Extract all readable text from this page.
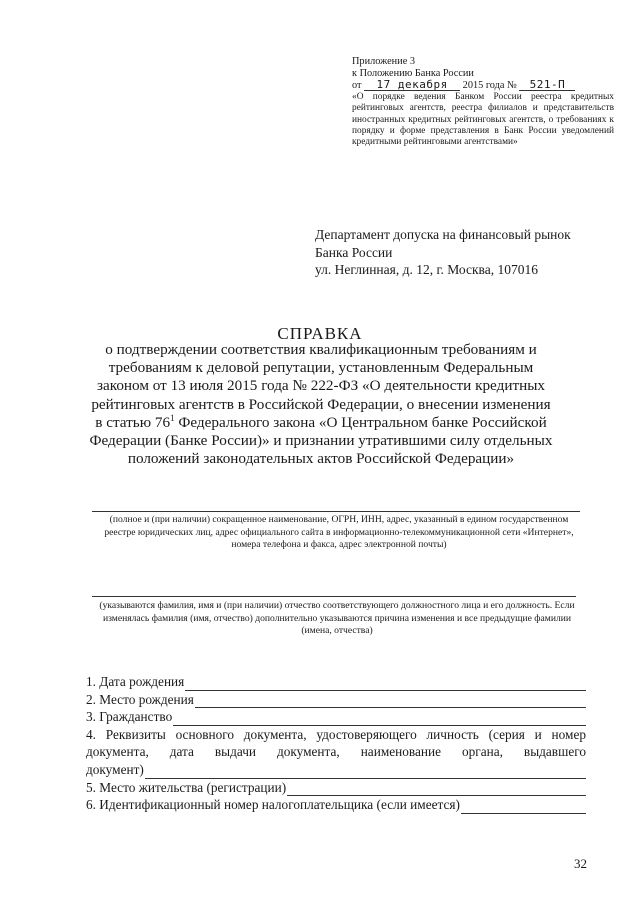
Приложение 3
к Положению Банка России
от 17 декабря 2015 года № 521-П
«О порядке ведения Банком России реестра кредитных рейтинговых агентств, реестра филиалов и представительств иностранных кредитных рейтинговых агентств, о требованиях к порядку и форме представления в Банк России уведомлений кредитными рейтинговыми агентствами»
Департамент допуска на финансовый рынок
Банка России
ул. Неглинная, д. 12, г. Москва, 107016
СПРАВКА
о подтверждении соответствия квалификационным требованиям и требованиям к деловой репутации, установленным Федеральным законом от 13 июля 2015 года № 222-ФЗ «О деятельности кредитных рейтинговых агентств в Российской Федерации, о внесении изменения в статью $76^1$ Федерального закона «О Центральном банке Российской Федерации (Банке России)» и признании утратившими силу отдельных положений законодательных актов Российской Федерации»
(полное и (при наличии) сокращенное наименование, ОГРН, ИНН, адрес, указанный в едином государственном реестре юридических лиц, адрес официального сайта в информационно-телекоммуникационной сети «Интернет», номера телефона и факса, адрес электронной почты)
(указываются фамилия, имя и (при наличии) отчество соответствующего должностного лица и его должность. Если изменялась фамилия (имя, отчество) дополнительно указываются причина изменения и все предыдущие фамилии (имена, отчества)
1. Дата рождения
2. Место рождения
3. Гражданство
4. Реквизиты основного документа, удостоверяющего личность (серия и номер
документа, дата выдачи документа, наименование органа, выдавшего
документ)
5. Место жительства (регистрации)
6. Идентификационный номер налогоплательщика (если имеется)
32
